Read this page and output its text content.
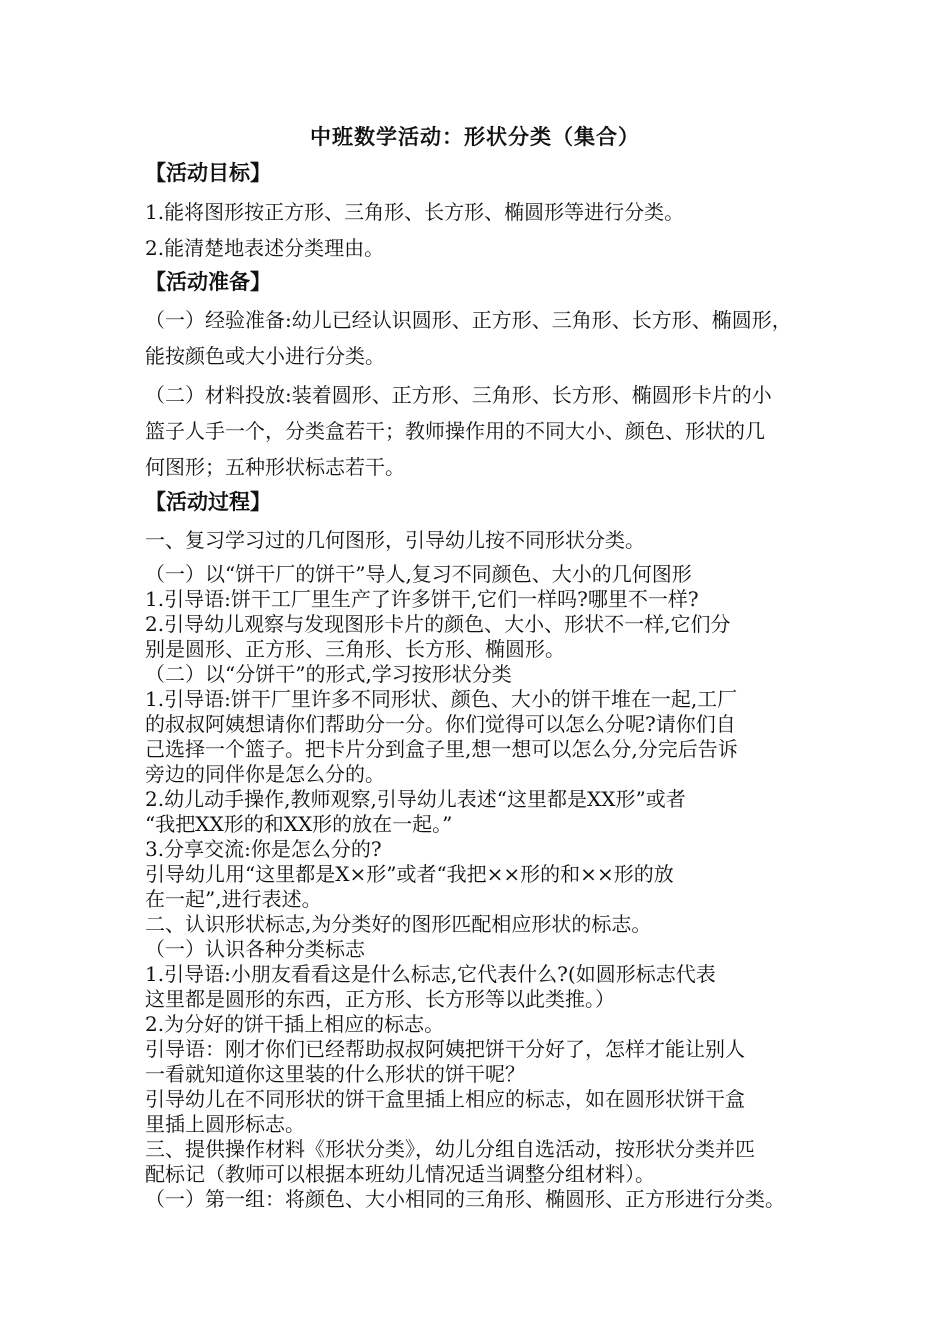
中班数学活动：形状分类（集合）
【活动目标】
1.能将图形按正方形、三角形、长方形、椭圆形等进行分类。
2.能清楚地表述分类理由。
【活动准备】
（一）经验准备:幼儿已经认识圆形、正方形、三角形、长方形、椭圆形，
能按颜色或大小进行分类。
（二）材料投放:装着圆形、正方形、三角形、长方形、椭圆形卡片的小
篮子人手一个，分类盒若干；教师操作用的不同大小、颜色、形状的几
何图形；五种形状标志若干。
【活动过程】
一、复习学习过的几何图形，引导幼儿按不同形状分类。
（一）以“饼干厂的饼干”导人,复习不同颜色、大小的几何图形
1.引导语:饼干工厂里生产了许多饼干,它们一样吗?哪里不一样?
2.引导幼儿观察与发现图形卡片的颜色、大小、形状不一样,它们分
别是圆形、正方形、三角形、长方形、椭圆形。
（二）以“分饼干”的形式,学习按形状分类
1.引导语:饼干厂里许多不同形状、颜色、大小的饼干堆在一起,工厂
的叔叔阿姨想请你们帮助分一分。你们觉得可以怎么分呢?请你们自
己选择一个篮子。把卡片分到盒子里,想一想可以怎么分,分完后告诉
旁边的同伴你是怎么分的。
2.幼儿动手操作,教师观察,引导幼儿表述“这里都是XX形”或者
“我把XX形的和XX形的放在一起。”
3.分享交流:你是怎么分的?
引导幼儿用“这里都是X×形”或者“我把××形的和××形的放
在一起”,进行表述。
二、认识形状标志,为分类好的图形匹配相应形状的标志。
（一）认识各种分类标志
1.引导语:小朋友看看这是什么标志,它代表什么?(如圆形标志代表
这里都是圆形的东西，正方形、长方形等以此类推。）
2.为分好的饼干插上相应的标志。
引导语：刚才你们已经帮助叔叔阿姨把饼干分好了，怎样才能让别人
一看就知道你这里装的什么形状的饼干呢？
引导幼儿在不同形状的饼干盒里插上相应的标志，如在圆形状饼干盒
里插上圆形标志。
三、提供操作材料《形状分类》，幼儿分组自选活动，按形状分类并匹
配标记（教师可以根据本班幼儿情况适当调整分组材料）。
（一）第一组：将颜色、大小相同的三角形、椭圆形、正方形进行分类。
